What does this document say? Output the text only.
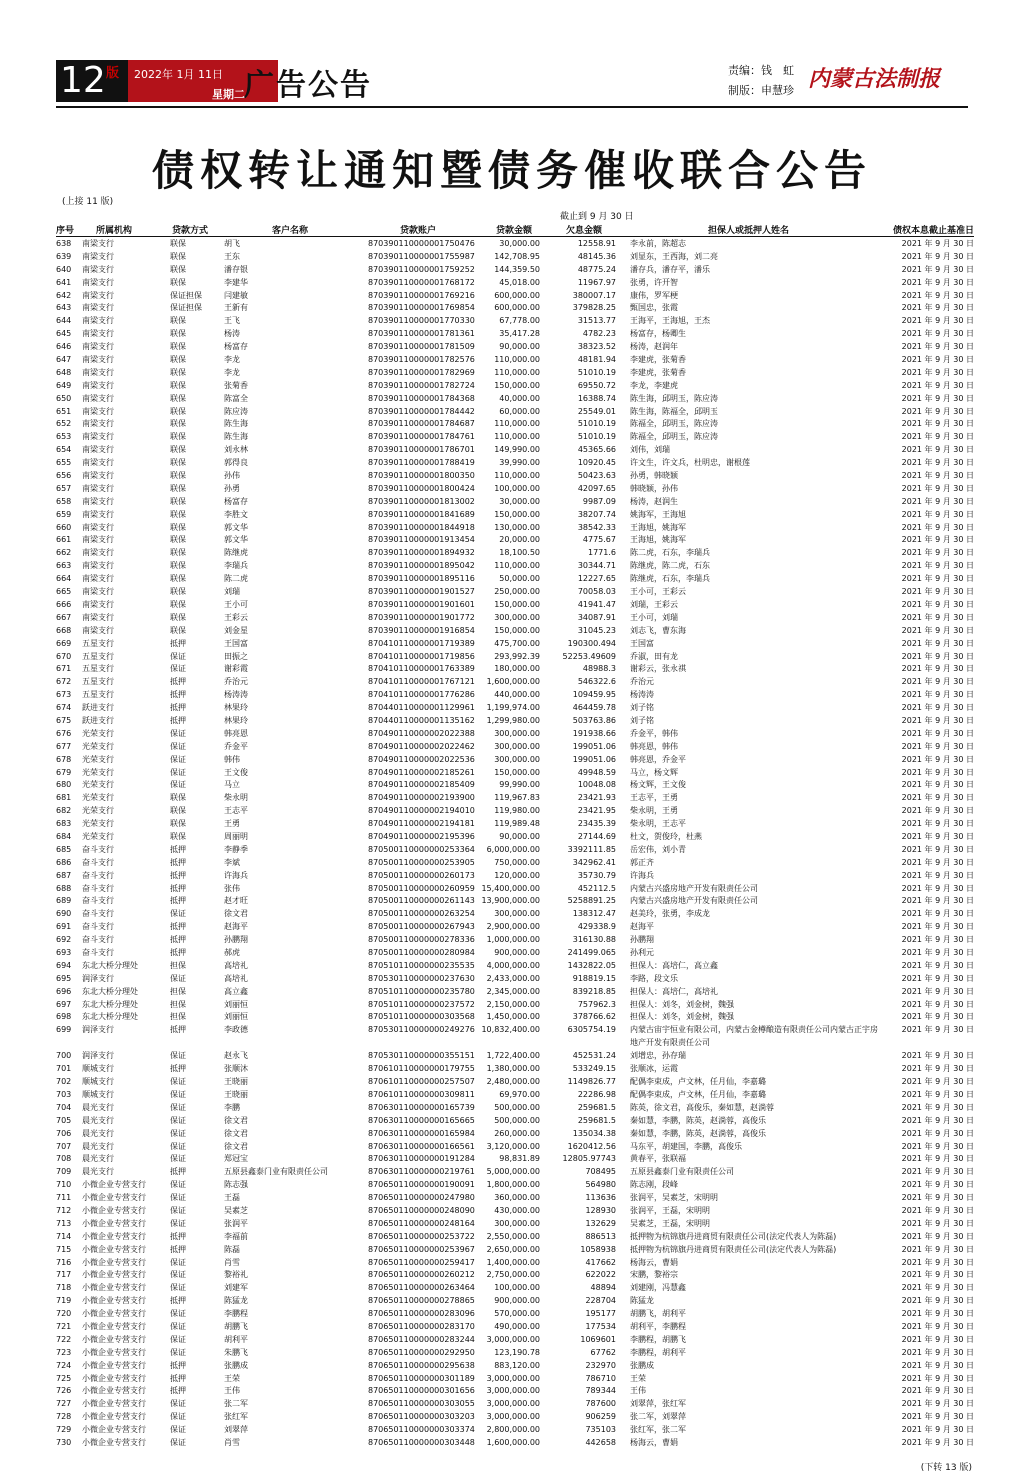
12 版 2022年 1月 11日
星期二 广告公告	责编：钱　虹
制版：申慧珍 内蒙古法制报
债权转让通知暨债务催收联合公告
(上接 11 版)
截止到 9 月 30 日
序号 所属机构	贷款方式	客户名称	贷款账户	贷款金额	欠息金额	担保人或抵押人姓名	债权本息截止基准日
638 南梁支行	联保	胡飞	870390110000001750476	30,000.00	12558.91 李永前，陈超志	2021 年 9 月 30 日
639 南梁支行	联保	王东	870390110000001755987 142,708.95	48145.36 刘显东，王西海，刘二亮	2021 年 9 月 30 日
640 南梁支行	联保	潘存银	870390110000001759252 144,359.50	48775.24 潘存兵，潘存平，潘乐	2021 年 9 月 30 日
641 南梁支行	联保	李建华	870390110000001768172	45,018.00	11967.97 张勇，许开智	2021 年 9 月 30 日
642 南梁支行	保证担保	闫建敏	870390110000001769216 600,000.00	380007.17 康伟，罗军梗	2021 年 9 月 30 日
643 南梁支行	保证担保	王新有	870390110000001769854 600,000.00	379828.25 甄国忠，张霞	2021 年 9 月 30 日
644 南梁支行	联保	王飞	870390110000001770330	67,778.00	31513.77 王海平，王海旭，王杰	2021 年 9 月 30 日
645 南梁支行	联保	杨涛	870390110000001781361	35,417.28	4782.23 杨富存，杨卿生	2021 年 9 月 30 日
646 南梁支行	联保	杨富存	870390110000001781509	90,000.00	38323.52 杨涛，赵润年	2021 年 9 月 30 日
647 南梁支行	联保	李龙	870390110000001782576 110,000.00	48181.94 李建虎，张菊香	2021 年 9 月 30 日
648 南梁支行	联保	李龙	870390110000001782969 110,000.00	51010.19 李建虎，张菊香	2021 年 9 月 30 日
649 南梁支行	联保	张菊香	870390110000001782724 150,000.00	69550.72 李龙，李建虎	2021 年 9 月 30 日
650 南梁支行	联保	陈富全	870390110000001784368	40,000.00	16388.74 陈生海，邱明玉，陈应涛	2021 年 9 月 30 日
651 南梁支行	联保	陈应涛	870390110000001784442	60,000.00	25549.01 陈生海，陈福全，邱明玉	2021 年 9 月 30 日
652 南梁支行	联保	陈生海	870390110000001784687 110,000.00	51010.19 陈福全，邱明玉，陈应涛	2021 年 9 月 30 日
653 南梁支行	联保	陈生海	870390110000001784761 110,000.00	51010.19 陈福全，邱明玉，陈应涛	2021 年 9 月 30 日
654 南梁支行	联保	刘永林	870390110000001786701 149,990.00	45365.66 刘伟，刘瑞	2021 年 9 月 30 日
655 南梁支行	联保	郭得良	870390110000001788419	39,990.00	10920.45 许文生，许文兵，杜明忠，谢根莲	2021 年 9 月 30 日
656 南梁支行	联保	孙伟	870390110000001800350 110,000.00	50423.63 孙勇，韩晓颖	2021 年 9 月 30 日
657 南梁支行	联保	孙勇	870390110000001800424 100,000.00	42097.65 韩晓颖，孙伟	2021 年 9 月 30 日
658 南梁支行	联保	杨富存	870390110000001813002	30,000.00	9987.09 杨涛，赵润生	2021 年 9 月 30 日
659 南梁支行	联保	李胜文	870390110000001841689 150,000.00	38207.74 姚海军，王海旭	2021 年 9 月 30 日
660 南梁支行	联保	郭文华	870390110000001844918 130,000.00	38542.33 王海旭，姚海军	2021 年 9 月 30 日
661 南梁支行	联保	郭文华	870390110000001913454	20,000.00	4775.67 王海旭，姚海军	2021 年 9 月 30 日
662 南梁支行	联保	陈继虎	870390110000001894932	18,100.50	1771.6 陈二虎，石东，李瑞兵	2021 年 9 月 30 日
663 南梁支行	联保	李瑞兵	870390110000001895042 110,000.00	30344.71 陈继虎，陈二虎，石东	2021 年 9 月 30 日
664 南梁支行	联保	陈二虎	870390110000001895116	50,000.00	12227.65 陈继虎，石东，李瑞兵	2021 年 9 月 30 日
665 南梁支行	联保	刘瑞	870390110000001901527 250,000.00	70058.03 王小可，王彩云	2021 年 9 月 30 日
666 南梁支行	联保	王小可	870390110000001901601 150,000.00	41941.47 刘瑞，王彩云	2021 年 9 月 30 日
667 南梁支行	联保	王彩云	870390110000001901772 300,000.00	34087.91 王小可，刘瑞	2021 年 9 月 30 日
668 南梁支行	联保	刘金星	870390110000001916854 150,000.00	31045.23 刘志飞，曹东海	2021 年 9 月 30 日
669 五星支行	抵押	王国富	870410110000001719389 475,700.00	190300.494 王国富	2021 年 9 月 30 日
670 五星支行	保证	田振之	870410110000001719856 293,992.39	52253.49609 乔淑，田有龙	2021 年 9 月 30 日
671 五星支行	保证	谢彩霞	870410110000001763389 180,000.00	48988.3 谢彩云，张永祺	2021 年 9 月 30 日
672 五星支行	抵押	乔治元	870410110000001767121 1,600,000.00	546322.6 乔治元	2021 年 9 月 30 日
673 五星支行	抵押	杨涛涛	870410110000001776286 440,000.00	109459.95 杨涛涛	2021 年 9 月 30 日
674 跃进支行	抵押	林果玲	870440110000001129961 1,199,974.00	464459.78 刘子铭	2021 年 9 月 30 日
675 跃进支行	抵押	林果玲	870440110000001135162 1,299,980.00	503763.86 刘子铭	2021 年 9 月 30 日
676 光荣支行	保证	韩亮恩	870490110000002022388 300,000.00	191938.66 乔金平，韩伟	2021 年 9 月 30 日
677 光荣支行	保证	乔金平	870490110000002022462 300,000.00	199051.06 韩亮恩，韩伟	2021 年 9 月 30 日
678 光荣支行	保证	韩伟	870490110000002022536 300,000.00	199051.06 韩亮恩，乔金平	2021 年 9 月 30 日
679 光荣支行	保证	王文俊	870490110000002185261 150,000.00	49948.59 马立，杨文辉	2021 年 9 月 30 日
680 光荣支行	保证	马立	870490110000002185409	99,990.00	10048.08 杨文辉，王文俊	2021 年 9 月 30 日
681 光荣支行	联保	柴永明	870490110000002193900 119,967.83	23421.93 王志平，王勇	2021 年 9 月 30 日
682 光荣支行	联保	王志平	870490110000002194010 119,980.00	23421.95 柴永明，王勇	2021 年 9 月 30 日
683 光荣支行	联保	王勇	870490110000002194181 119,989.48	23435.39 柴永明，王志平	2021 年 9 月 30 日
684 光荣支行	联保	周丽明	870490110000002195396	90,000.00	27144.69 杜文，贺俊玲，杜燕	2021 年 9 月 30 日
685 奋斗支行	抵押	李静季	870500110000000253364 6,000,000.00	3392111.85 岳宏伟，刘小青	2021 年 9 月 30 日
686 奋斗支行	抵押	李斌	870500110000000253905 750,000.00	342962.41 郭正齐	2021 年 9 月 30 日
687 奋斗支行	抵押	许海兵	870500110000000260173 120,000.00	35730.79 许海兵	2021 年 9 月 30 日
688 奋斗支行	抵押	张伟	870500110000000260959 15,400,000.00	452112.5 内蒙古兴盛房地产开发有限责任公司	2021 年 9 月 30 日
689 奋斗支行	抵押	赵才旺	870500110000000261143 13,900,000.00	5258891.25 内蒙古兴盛房地产开发有限责任公司	2021 年 9 月 30 日
690 奋斗支行	保证	徐文君	870500110000000263254 300,000.00	138312.47 赵美玲，张勇，李成龙	2021 年 9 月 30 日
691 奋斗支行	抵押	赵海平	870500110000000267943 2,900,000.00	429338.9 赵海平	2021 年 9 月 30 日
692 奋斗支行	抵押	孙鹏翔	870500110000000278336 1,000,000.00	316130.88 孙鹏翔	2021 年 9 月 30 日
693 奋斗支行	抵押	郝虎	870500110000000280984 900,000.00	241499.065 孙利元	2021 年 9 月 30 日
694 东北大桥分理处	担保	高培礼	870510110000000235535 4,000,000.00	1432822.05 担保人：高培仁，高立鑫	2021 年 9 月 30 日
695 润泽支行	保证	高培礼	870530110000000237630 2,433,000.00	918819.15 李路，段文乐	2021 年 9 月 30 日
696 东北大桥分理处	担保	高立鑫	870510110000000235780 2,345,000.00	839218.85 担保人：高培仁，高培礼	2021 年 9 月 30 日
697 东北大桥分理处	担保	刘丽恒	870510110000000237572 2,150,000.00	757962.3 担保人：刘冬，刘金树，魏强	2021 年 9 月 30 日
698 东北大桥分理处	担保	刘丽恒	870510110000000303568 1,450,000.00	378766.62 担保人：刘冬，刘金树，魏强	2021 年 9 月 30 日
699 润泽支行	抵押	李政德	870530110000000249276 10,832,400.00	6305754.19 内蒙古宙宇恒业有限公司，内蒙古金樽酿造有限责任公司内蒙古正宇房地产开发有限责任公司
2021 年 9 月 30 日
700 润泽支行	保证	赵永飞	870530110000000355151 1,722,400.00	452531.24 刘增忠，孙存瑞	2021 年 9 月 30 日
701 顺城支行	抵押	张顺沐	870610110000000179755 1,380,000.00	533249.15 张顺冰，运霞	2021 年 9 月 30 日
702 顺城支行	保证	王晓丽	870610110000000257507 2,480,000.00	1149826.77 配偶李束成，卢文林，任月仙，李嘉璐	2021 年 9 月 30 日
703 顺城支行	保证	王晓丽	870610110000000309811	69,970.00	22286.98 配偶李束成，卢文林，任月仙，李嘉璐	2021 年 9 月 30 日
704 晨光支行	保证	李鹏	870630110000000165739 500,000.00	259681.5 陈英，徐文君，高俊乐，秦如慧，赵淌蓉	2021 年 9 月 30 日
705 晨光支行	保证	徐文君	870630110000000165665 500,000.00	259681.5 秦如慧，李鹏，陈英，赵淌蓉，高俊乐	2021 年 9 月 30 日
706 晨光支行	保证	徐文君	870630110000000165984 260,000.00	135034.38 秦如慧，李鹏，陈英，赵淌蓉，高俊乐	2021 年 9 月 30 日
707 晨光支行	保证	徐文君	870630110000000166561 3,120,000.00	1620412.56 马东平，胡建国，李鹏，高俊乐	2021 年 9 月 30 日
708 晨光支行	保证	郑冠宝	870630110000000191284	98,831.89	12805.97743 黄春平，张联福	2021 年 9 月 30 日
709 晨光支行	抵押	五原县鑫泰门业有限责任公司	870630110000000219761 5,000,000.00	708495 五原县鑫泰门业有限责任公司	2021 年 9 月 30 日
710 小微企业专营支行	保证	陈志强	870650110000000190091 1,800,000.00	564980 陈志刚，段峰	2021 年 9 月 30 日
711 小微企业专营支行	保证	王磊	870650110000000247980 360,000.00	113636 张润平，吴素芝，宋明明	2021 年 9 月 30 日
712 小微企业专营支行	保证	吴素芝	870650110000000248090 430,000.00	128930 张润平，王磊，宋明明	2021 年 9 月 30 日
713 小微企业专营支行	保证	张润平	870650110000000248164 300,000.00	132629 吴素芝，王磊，宋明明	2021 年 9 月 30 日
714 小微企业专营支行	抵押	李福前	870650110000000253722 2,550,000.00	886513 抵押物为杭锦旗丹进商贸有限责任公司(法定代表人为陈磊)	2021 年 9 月 30 日
715 小微企业专营支行	抵押	陈磊	870650110000000253967 2,650,000.00	1058938 抵押物为杭锦旗丹进商贸有限责任公司(法定代表人为陈磊)	2021 年 9 月 30 日
716 小微企业专营支行	保证	肖雪	870650110000000259417 1,400,000.00	417662 杨海云，曹娟	2021 年 9 月 30 日
717 小微企业专营支行	保证	黎裕礼	870650110000000260212 2,750,000.00	622022 宋鹏，黎裕宗	2021 年 9 月 30 日
718 小微企业专营支行	保证	刘建军	870650110000000263464 100,000.00	48894 刘建刚，冯慧鑫	2021 年 9 月 30 日
719 小微企业专营支行	抵押	陈猛龙	870650110000000278865 900,000.00	228704 陈猛龙	2021 年 9 月 30 日
720 小微企业专营支行	保证	李鹏程	870650110000000283096 570,000.00	195177 胡鹏飞，胡利平	2021 年 9 月 30 日
721 小微企业专营支行	保证	胡鹏飞	870650110000000283170 490,000.00	177534 胡利平，李鹏程	2021 年 9 月 30 日
722 小微企业专营支行	保证	胡利平	870650110000000283244 3,000,000.00	1069601 李鹏程，胡鹏飞	2021 年 9 月 30 日
723 小微企业专营支行	保证	朱鹏飞	870650110000000292950 123,190.78	67762 李鹏程，胡利平	2021 年 9 月 30 日
724 小微企业专营支行	抵押	张鹏成	870650110000000295638 883,120.00	232970 张鹏成	2021 年 9 月 30 日
725 小微企业专营支行	抵押	王荣	870650110000000301189 3,000,000.00	786710 王荣	2021 年 9 月 30 日
726 小微企业专营支行	抵押	王伟	870650110000000301656 3,000,000.00	789344 王伟	2021 年 9 月 30 日
727 小微企业专营支行	保证	张二军	870650110000000303055 3,000,000.00	787600 刘翠萍，张红军	2021 年 9 月 30 日
728 小微企业专营支行	保证	张红军	870650110000000303203 3,000,000.00	906259 张二军，刘翠萍	2021 年 9 月 30 日
729 小微企业专营支行	保证	刘翠萍	870650110000000303374 2,800,000.00	735103 张红军，张二军	2021 年 9 月 30 日
730 小微企业专营支行	保证	肖雪	870650110000000303448 1,600,000.00	442658 杨海云，曹娟	2021 年 9 月 30 日
(下转 13 版)
